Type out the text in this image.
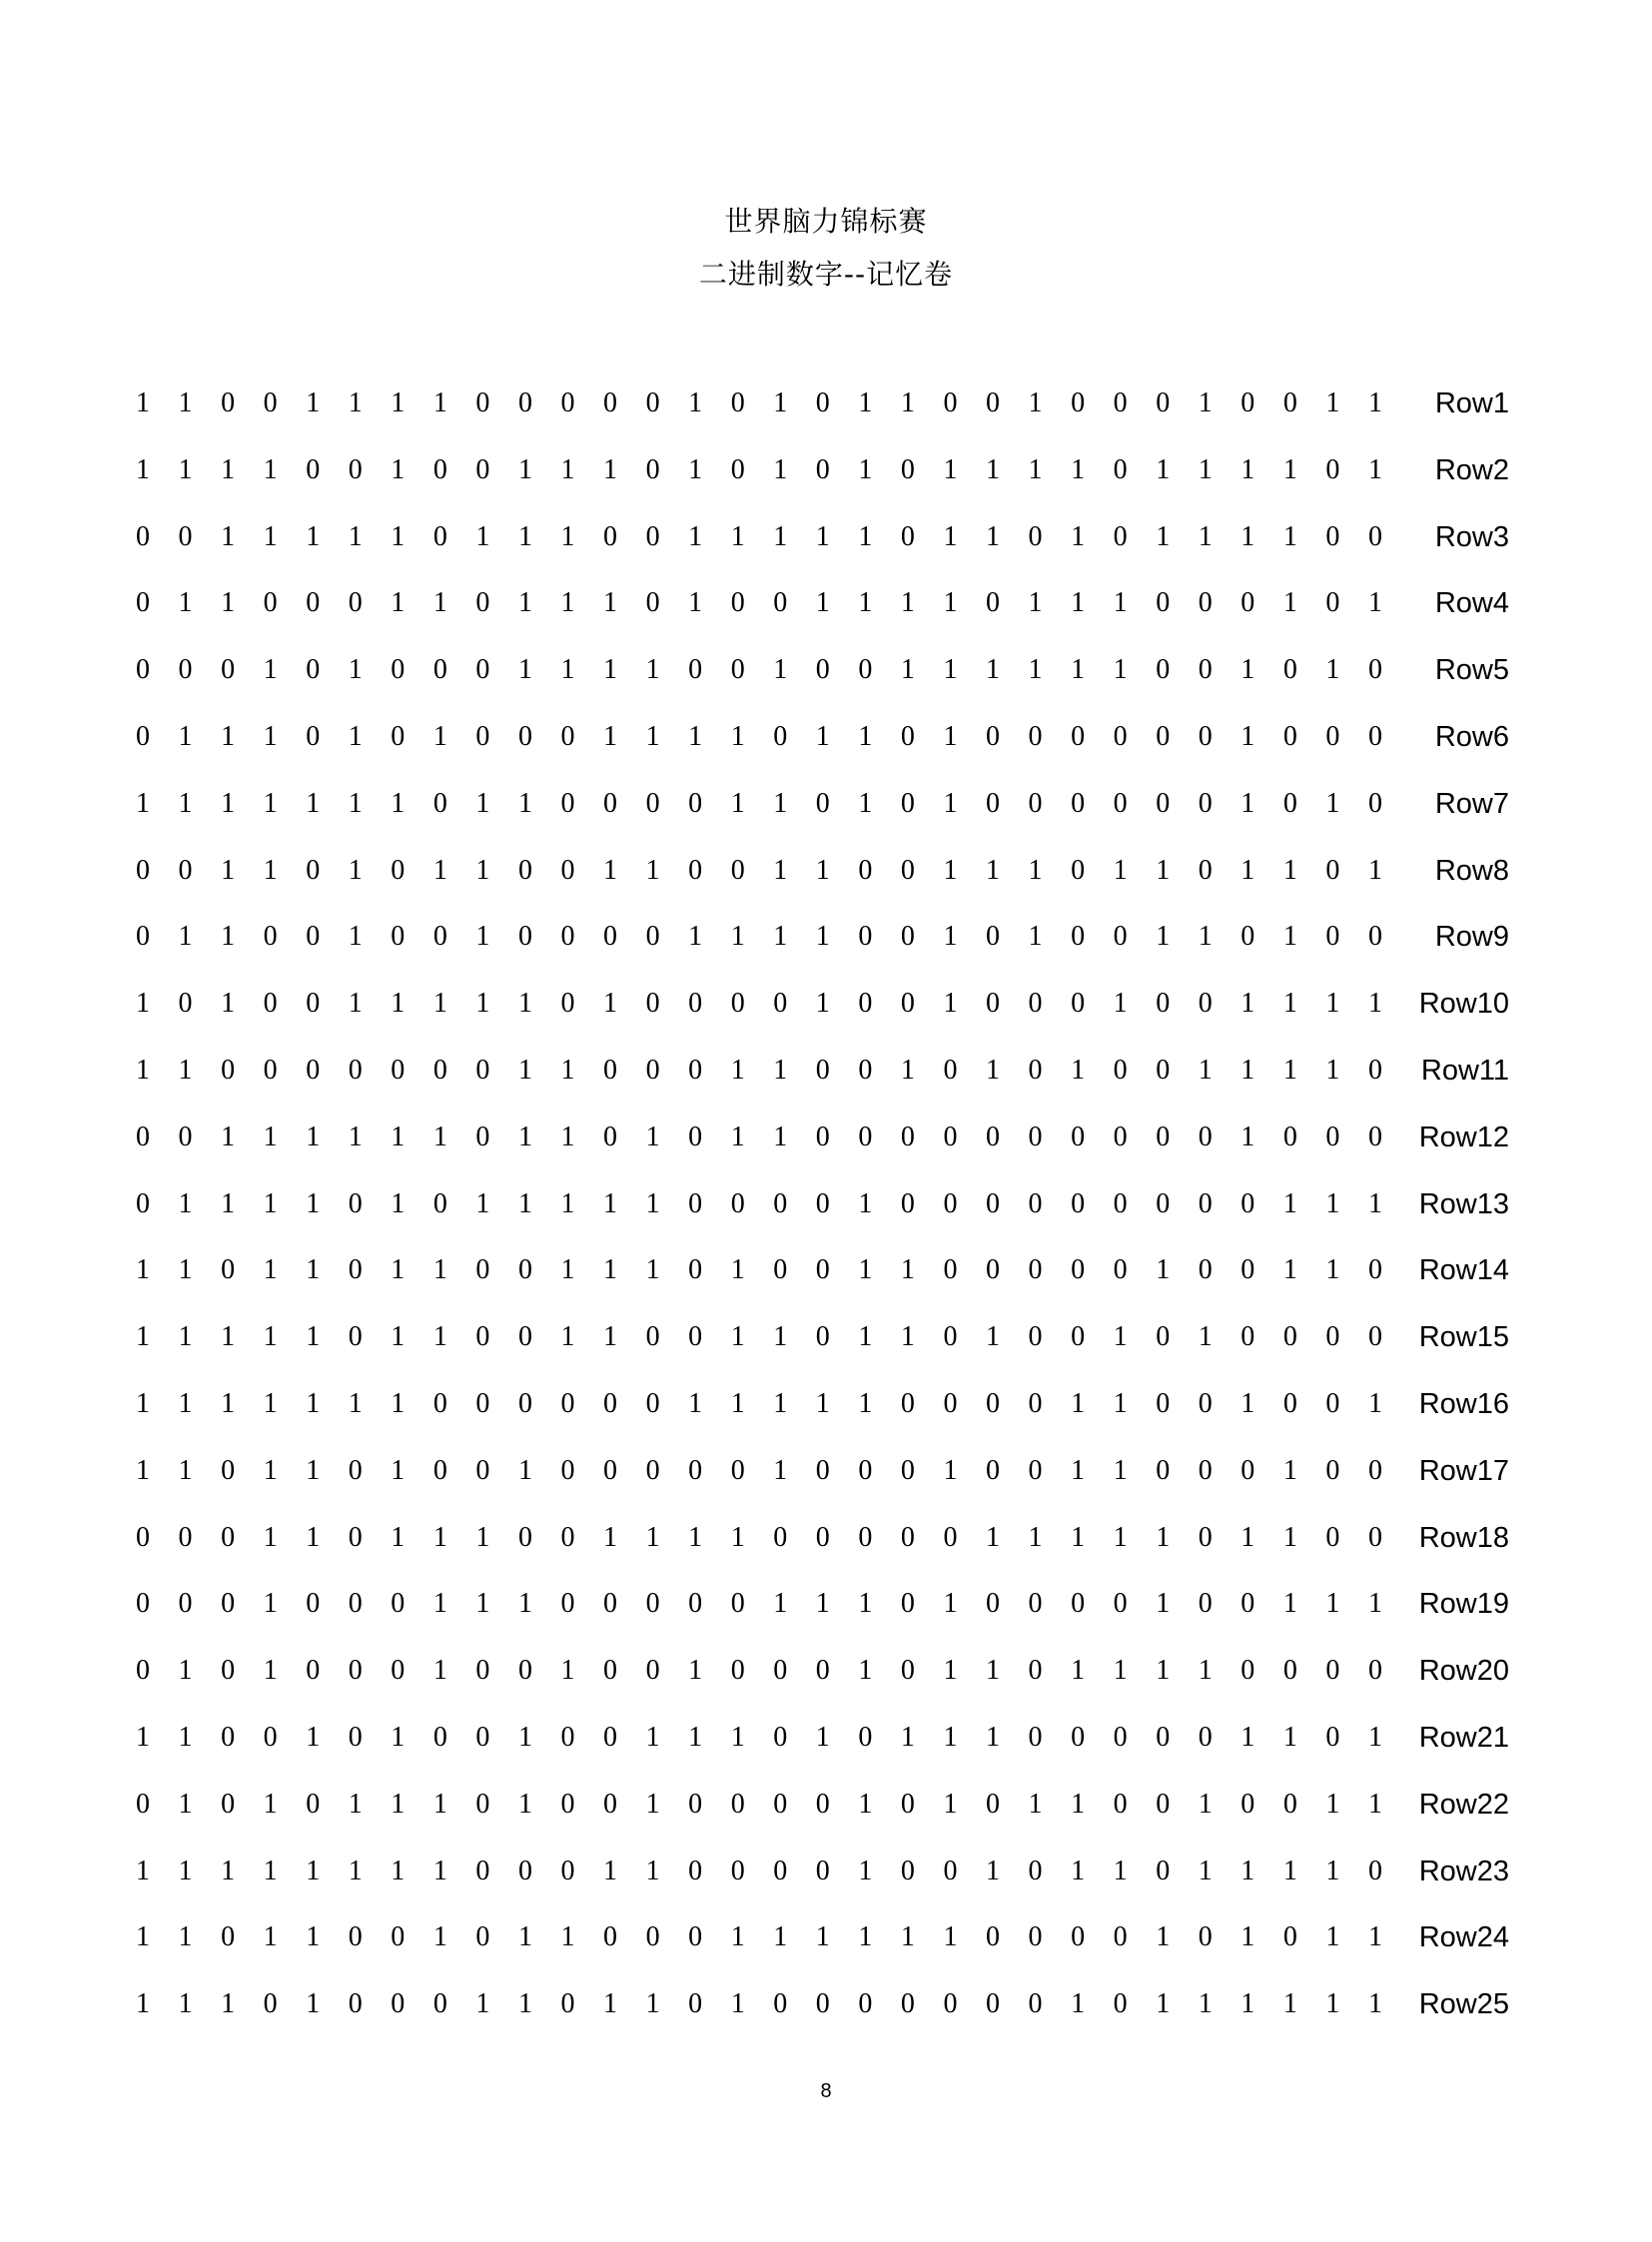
世界脑力锦标赛
二进制数字--记忆卷
1 1 0 0 1 1 1 1 0 0 0 0 0 1 0 1 0 1 1 0 0 1 0 0 0 1 0 0 1 1 Row1
1 1 1 1 0 0 1 0 0 1 1 1 0 1 0 1 0 1 0 1 1 1 1 0 1 1 1 1 0 1 Row2
0 0 1 1 1 1 1 0 1 1 1 0 0 1 1 1 1 1 0 1 1 0 1 0 1 1 1 1 0 0 Row3
0 1 1 0 0 0 1 1 0 1 1 1 0 1 0 0 1 1 1 1 0 1 1 1 0 0 0 1 0 1 Row4
0 0 0 1 0 1 0 0 0 1 1 1 1 0 0 1 0 0 1 1 1 1 1 1 0 0 1 0 1 0 Row5
0 1 1 1 0 1 0 1 0 0 0 1 1 1 1 0 1 1 0 1 0 0 0 0 0 0 1 0 0 0 Row6
1 1 1 1 1 1 1 0 1 1 0 0 0 0 1 1 0 1 0 1 0 0 0 0 0 0 1 0 1 0 Row7
0 0 1 1 0 1 0 1 1 0 0 1 1 0 0 1 1 0 0 1 1 1 0 1 1 0 1 1 0 1 Row8
0 1 1 0 0 1 0 0 1 0 0 0 0 1 1 1 1 0 0 1 0 1 0 0 1 1 0 1 0 0 Row9
1 0 1 0 0 1 1 1 1 1 0 1 0 0 0 0 1 0 0 1 0 0 0 1 0 0 1 1 1 1 Row10
1 1 0 0 0 0 0 0 0 1 1 0 0 0 1 1 0 0 1 0 1 0 1 0 0 1 1 1 1 0 Row11
0 0 1 1 1 1 1 1 0 1 1 0 1 0 1 1 0 0 0 0 0 0 0 0 0 0 1 0 0 0 Row12
0 1 1 1 1 0 1 0 1 1 1 1 1 0 0 0 0 1 0 0 0 0 0 0 0 0 0 1 1 1 Row13
1 1 0 1 1 0 1 1 0 0 1 1 1 0 1 0 0 1 1 0 0 0 0 0 1 0 0 1 1 0 Row14
1 1 1 1 1 0 1 1 0 0 1 1 0 0 1 1 0 1 1 0 1 0 0 1 0 1 0 0 0 0 Row15
1 1 1 1 1 1 1 0 0 0 0 0 0 1 1 1 1 1 0 0 0 0 1 1 0 0 1 0 0 1 Row16
1 1 0 1 1 0 1 0 0 1 0 0 0 0 0 1 0 0 0 1 0 0 1 1 0 0 0 1 0 0 Row17
0 0 0 1 1 0 1 1 1 0 0 1 1 1 1 0 0 0 0 0 1 1 1 1 1 0 1 1 0 0 Row18
0 0 0 1 0 0 0 1 1 1 0 0 0 0 0 1 1 1 0 1 0 0 0 0 1 0 0 1 1 1 Row19
0 1 0 1 0 0 0 1 0 0 1 0 0 1 0 0 0 1 0 1 1 0 1 1 1 1 0 0 0 0 Row20
1 1 0 0 1 0 1 0 0 1 0 0 1 1 1 0 1 0 1 1 1 0 0 0 0 0 1 1 0 1 Row21
0 1 0 1 0 1 1 1 0 1 0 0 1 0 0 0 0 1 0 1 0 1 1 0 0 1 0 0 1 1 Row22
1 1 1 1 1 1 1 1 0 0 0 1 1 0 0 0 0 1 0 0 1 0 1 1 0 1 1 1 1 0 Row23
1 1 0 1 1 0 0 1 0 1 1 0 0 0 1 1 1 1 1 1 0 0 0 0 1 0 1 0 1 1 Row24
1 1 1 0 1 0 0 0 1 1 0 1 1 0 1 0 0 0 0 0 0 0 1 0 1 1 1 1 1 1 Row25
8
